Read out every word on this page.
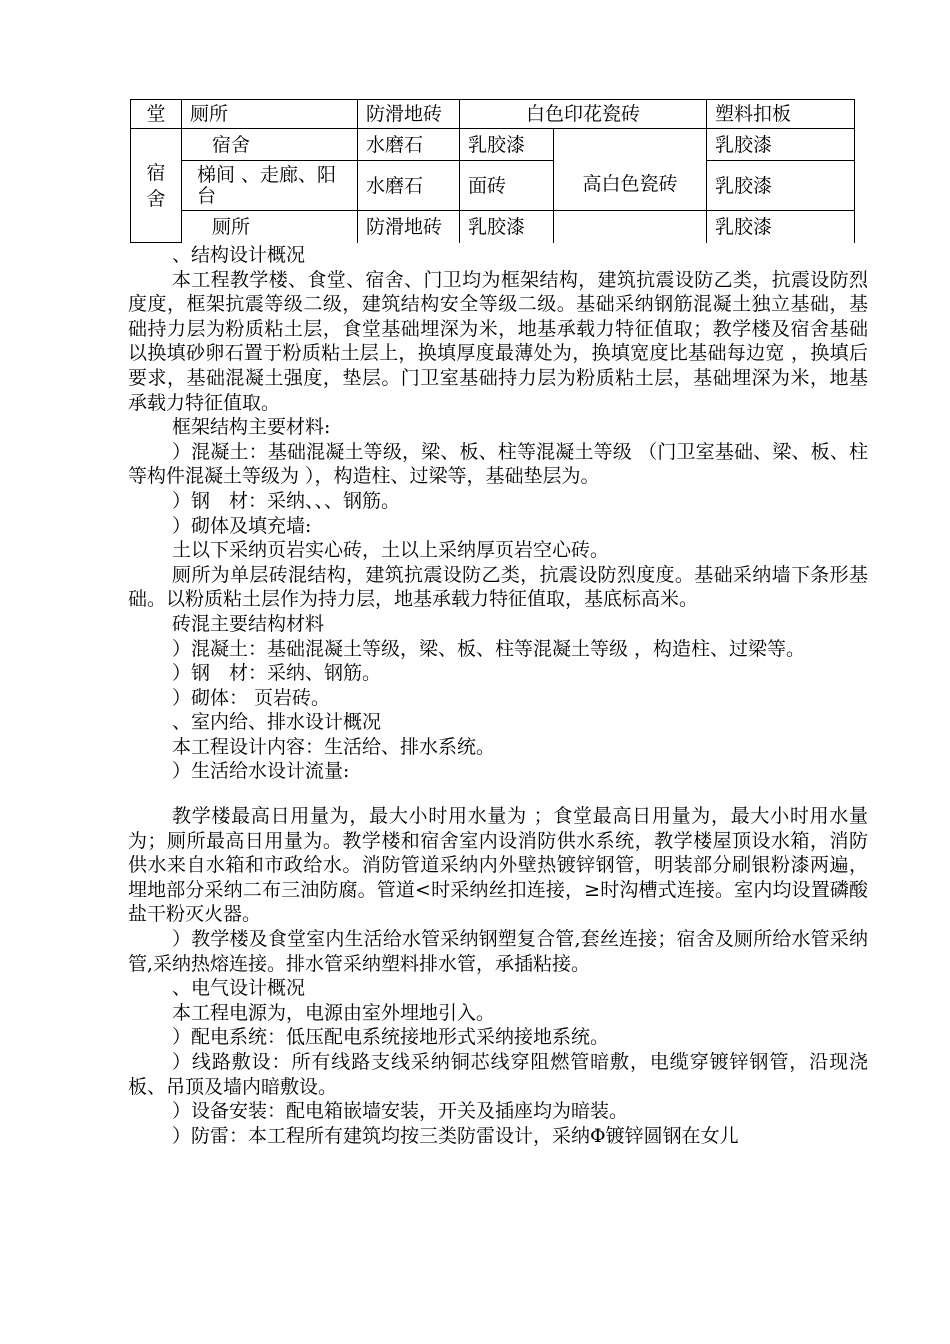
堂	厕所	防滑地砖	白色印花瓷砖		塑料扣板
宿舍	宿舍	水磨石	乳胶漆	高白色瓷砖	乳胶漆
	梯间 、走廊、阳台	水磨石	面砖		乳胶漆
	厕所	防滑地砖	乳胶漆		乳胶漆

、结构设计概况

本工程教学楼、食堂、宿舍、门卫均为框架结构，建筑抗震设防乙类，抗震设防烈度度，框架抗震等级二级，建筑结构安全等级二级。基础采纳钢筋混凝土独立基础，基础持力层为粉质粘土层，食堂基础埋深为米，地基承载力特征值取；教学楼及宿舍基础以换填砂卵石置于粉质粘土层上，换填厚度最薄处为，换填宽度比基础每边宽 ，换填后要求，基础混凝土强度，垫层。门卫室基础持力层为粉质粘土层，基础埋深为米，地基承载力特征值取。

框架结构主要材料:

）混凝土：基础混凝土等级，梁、板、柱等混凝土等级 （门卫室基础、梁、板、柱等构件混凝土等级为 ），构造柱、过梁等，基础垫层为。

）钢　材：采纳、、、钢筋。

）砌体及填充墙:

土以下采纳页岩实心砖，土以上采纳厚页岩空心砖。

厕所为单层砖混结构，建筑抗震设防乙类，抗震设防烈度度。基础采纳墙下条形基础。以粉质粘土层作为持力层，地基承载力特征值取，基底标高米。

砖混主要结构材料

）混凝土：基础混凝土等级，梁、板、柱等混凝土等级 ，构造柱、过梁等。

）钢　材：采纳、钢筋。

）砌体： 页岩砖。

、室内给、排水设计概况

本工程设计内容：生活给、排水系统。

）生活给水设计流量:

教学楼最高日用量为，最大小时用水量为 ；食堂最高日用量为，最大小时用水量为；厕所最高日用量为。教学楼和宿舍室内设消防供水系统，教学楼屋顶设水箱，消防供水来自水箱和市政给水。消防管道采纳内外壁热镀锌钢管，明装部分刷银粉漆两遍，埋地部分采纳二布三油防腐。管道<时采纳丝扣连接，≥时沟槽式连接。室内均设置磷酸盐干粉灭火器。

）教学楼及食堂室内生活给水管采纳钢塑复合管,套丝连接；宿舍及厕所给水管采纳管,采纳热熔连接。排水管采纳塑料排水管，承插粘接。

、电气设计概况

本工程电源为，电源由室外埋地引入。

）配电系统：低压配电系统接地形式采纳接地系统。

）线路敷设：所有线路支线采纳铜芯线穿阻燃管暗敷，电缆穿镀锌钢管，沿现浇板、吊顶及墙内暗敷设。

）设备安装：配电箱嵌墙安装，开关及插座均为暗装。

）防雷：本工程所有建筑均按三类防雷设计，采纳Φ镀锌圆钢在女儿
